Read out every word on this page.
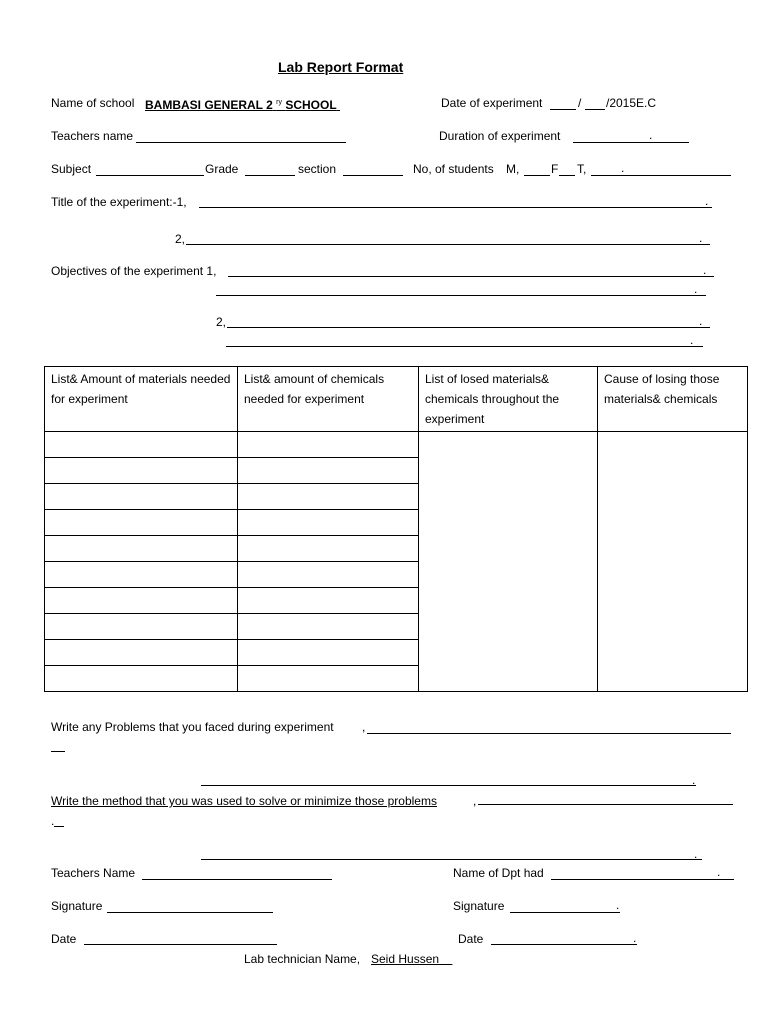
Lab Report Format
Name of school BAMBASI GENERAL 2 $^{ry}$ SCHOOL	Date of experiment	/ /2015E.C
Teachers name	Duration of experiment	.
Subject	Grade	section	No, of students M,	F T,	.
Title of the experiment:-1,	.
2,	.
Objectives of the experiment 1,	.
.
2,	.
.
List& Amount of materials needed for experiment	List& amount of chemicals needed for experiment	List of losed materials& chemicals throughout the experiment	Cause of losing those materials& chemicals

Write any Problems that you faced during experiment ,
.
Write the method that you was used to solve or minimize those problems	,
.
.
Teachers Name	Name of Dpt had	.
Signature	Signature	.
Date	Date	.
Lab technician Name, Seid Hussen
